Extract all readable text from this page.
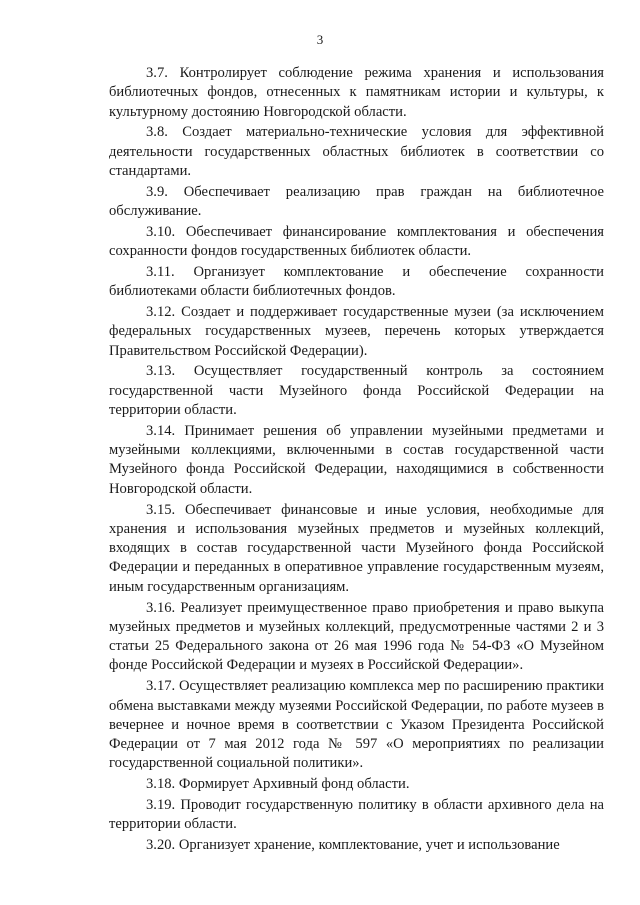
3

3.7. Контролирует соблюдение режима хранения и использования библиотечных фондов, отнесенных к памятникам истории и культуры, к культурному достоянию Новгородской области.

3.8. Создает материально-технические условия для эффективной деятельности государственных областных библиотек в соответствии со стандартами.

3.9. Обеспечивает реализацию прав граждан на библиотечное обслуживание.

3.10. Обеспечивает финансирование комплектования и обеспечения сохранности фондов государственных библиотек области.

3.11. Организует комплектование и обеспечение сохранности библиотеками области библиотечных фондов.

3.12. Создает и поддерживает государственные музеи (за исключением федеральных государственных музеев, перечень которых утверждается Правительством Российской Федерации).

3.13. Осуществляет государственный контроль за состоянием государственной части Музейного фонда Российской Федерации на территории области.

3.14. Принимает решения об управлении музейными предметами и музейными коллекциями, включенными в состав государственной части Музейного фонда Российской Федерации, находящимися в собственности Новгородской области.

3.15. Обеспечивает финансовые и иные условия, необходимые для хранения и использования музейных предметов и музейных коллекций, входящих в состав государственной части Музейного фонда Российской Федерации и переданных в оперативное управление государственным музеям, иным государственным организациям.

3.16. Реализует преимущественное право приобретения и право выкупа музейных предметов и музейных коллекций, предусмотренные частями 2 и 3 статьи 25 Федерального закона от 26 мая 1996 года № 54-ФЗ «О Музейном фонде Российской Федерации и музеях в Российской Федерации».

3.17. Осуществляет реализацию комплекса мер по расширению практики обмена выставками между музеями Российской Федерации, по работе музеев в вечернее и ночное время в соответствии с Указом Президента Российской Федерации от 7 мая 2012 года № 597 «О мероприятиях по реализации государственной социальной политики».

3.18. Формирует Архивный фонд области.

3.19. Проводит государственную политику в области архивного дела на территории области.

3.20. Организует хранение, комплектование, учет и использование
